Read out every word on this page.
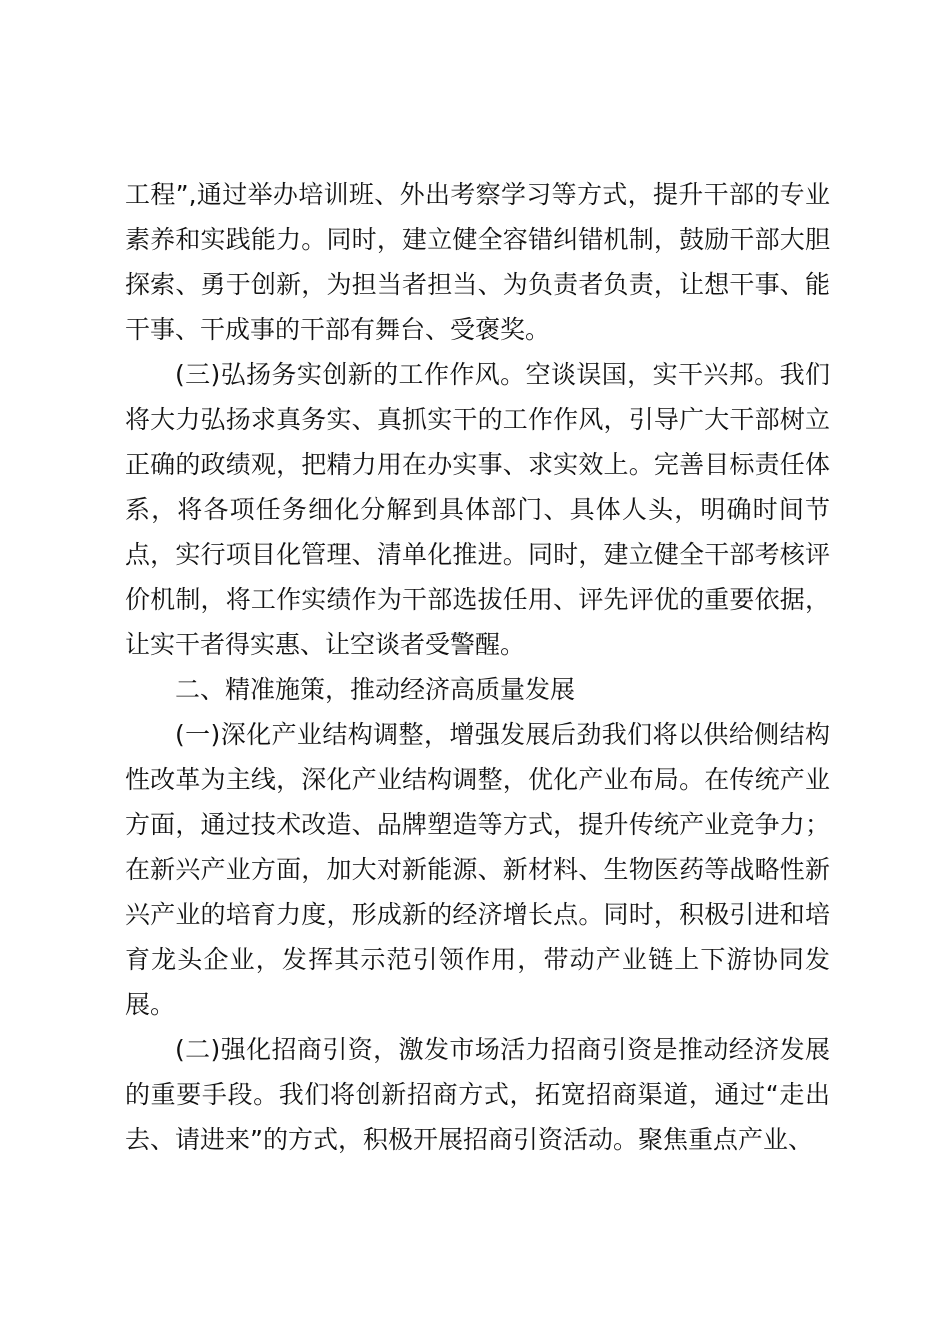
工程”,通过举办培训班、外出考察学习等方式，提升干部的专业素养和实践能力。同时，建立健全容错纠错机制，鼓励干部大胆探索、勇于创新，为担当者担当、为负责者负责，让想干事、能干事、干成事的干部有舞台、受褒奖。

(三)弘扬务实创新的工作作风。空谈误国，实干兴邦。我们将大力弘扬求真务实、真抓实干的工作作风，引导广大干部树立正确的政绩观，把精力用在办实事、求实效上。完善目标责任体系，将各项任务细化分解到具体部门、具体人头，明确时间节点，实行项目化管理、清单化推进。同时，建立健全干部考核评价机制，将工作实绩作为干部选拔任用、评先评优的重要依据，让实干者得实惠、让空谈者受警醒。

二、精准施策，推动经济高质量发展

(一)深化产业结构调整，增强发展后劲我们将以供给侧结构性改革为主线，深化产业结构调整，优化产业布局。在传统产业方面，通过技术改造、品牌塑造等方式，提升传统产业竞争力；在新兴产业方面，加大对新能源、新材料、生物医药等战略性新兴产业的培育力度，形成新的经济增长点。同时，积极引进和培育龙头企业，发挥其示范引领作用，带动产业链上下游协同发展。

(二)强化招商引资，激发市场活力招商引资是推动经济发展的重要手段。我们将创新招商方式，拓宽招商渠道，通过“走出去、请进来”的方式，积极开展招商引资活动。聚焦重点产业、
